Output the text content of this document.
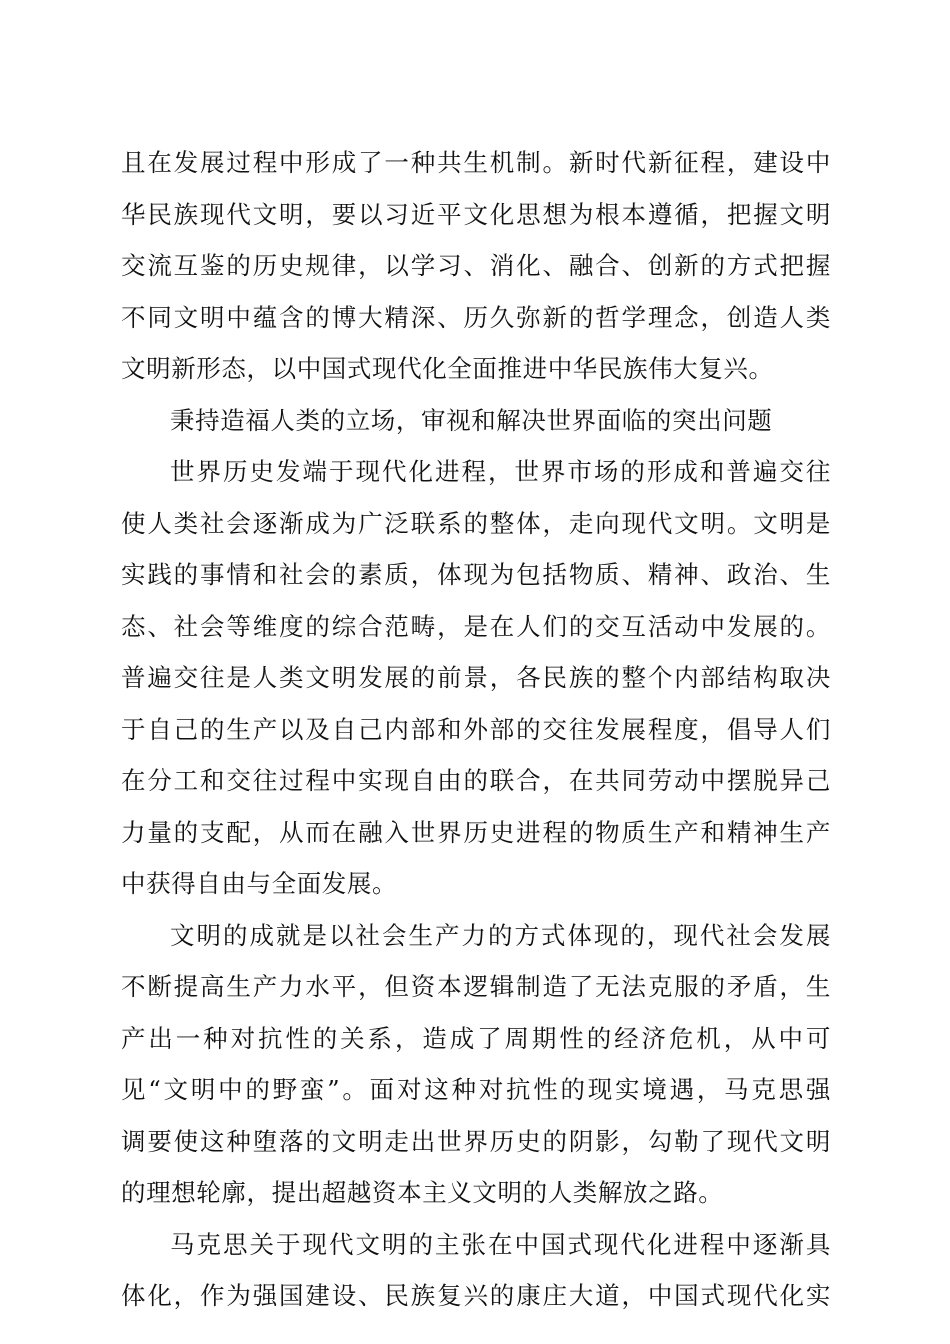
且在发展过程中形成了一种共生机制。新时代新征程，建设中
华民族现代文明，要以习近平文化思想为根本遵循，把握文明
交流互鉴的历史规律，以学习、消化、融合、创新的方式把握
不同文明中蕴含的博大精深、历久弥新的哲学理念，创造人类
文明新形态，以中国式现代化全面推进中华民族伟大复兴。
秉持造福人类的立场，审视和解决世界面临的突出问题
世界历史发端于现代化进程，世界市场的形成和普遍交往
使人类社会逐渐成为广泛联系的整体，走向现代文明。文明是
实践的事情和社会的素质，体现为包括物质、精神、政治、生
态、社会等维度的综合范畴，是在人们的交互活动中发展的。
普遍交往是人类文明发展的前景，各民族的整个内部结构取决
于自己的生产以及自己内部和外部的交往发展程度，倡导人们
在分工和交往过程中实现自由的联合，在共同劳动中摆脱异己
力量的支配，从而在融入世界历史进程的物质生产和精神生产
中获得自由与全面发展。
文明的成就是以社会生产力的方式体现的，现代社会发展
不断提高生产力水平，但资本逻辑制造了无法克服的矛盾，生
产出一种对抗性的关系，造成了周期性的经济危机，从中可
见“文明中的野蛮”。面对这种对抗性的现实境遇，马克思强
调要使这种堕落的文明走出世界历史的阴影，勾勒了现代文明
的理想轮廓，提出超越资本主义文明的人类解放之路。
马克思关于现代文明的主张在中国式现代化进程中逐渐具
体化，作为强国建设、民族复兴的康庄大道，中国式现代化实
